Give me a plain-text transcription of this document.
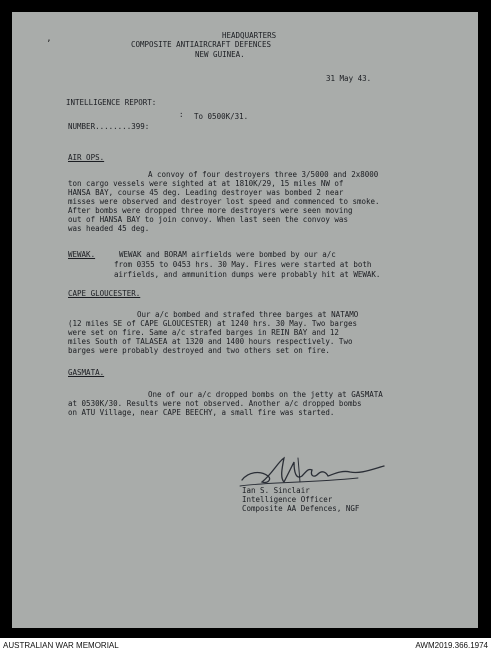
ʼ
HEADQUARTERS
COMPOSITE ANTIAIRCRAFT DEFENCES
NEW GUINEA.
31 May 43.
INTELLIGENCE REPORT:
: To 0500K/31.
NUMBER........399:
AIR OPS.
A convoy of four destroyers three 3/5000 and 2x8000
ton cargo vessels were sighted at at 1810K/29, 15 miles NW of
HANSA BAY, course 45 deg. Leading destroyer was bombed 2 near
misses were observed and destroyer lost speed and commenced to smoke.
After bombs were dropped three more destroyers were seen moving
out of HANSA BAY to join convoy. When last seen the convoy was
was headed 45 deg.
WEWAK.	WEWAK and BORAM airfields were bombed by our a/c
from 0355 to 0453 hrs. 30 May. Fires were started at both
airfields, and ammunition dumps were probably hit at WEWAK.
CAPE GLOUCESTER.
Our a/c bombed and strafed three barges at NATAMO
(12 miles SE of CAPE GLOUCESTER) at 1240 hrs. 30 May. Two barges
were set on fire. Same a/c strafed barges in REIN BAY and 12
miles South of TALASEA at 1320 and 1400 hours respectively. Two
barges were probably destroyed and two others set on fire.
GASMATA.
One of our a/c dropped bombs on the jetty at GASMATA
at 0530K/30. Results were not observed. Another a/c dropped bombs
on ATU Village, near CAPE BEECHY, a small fire was started.
Ian S. Sinclair
Intelligence Officer
Composite AA Defences, NGF
AUSTRALIAN WAR MEMORIAL	AWM2019.366.1974
